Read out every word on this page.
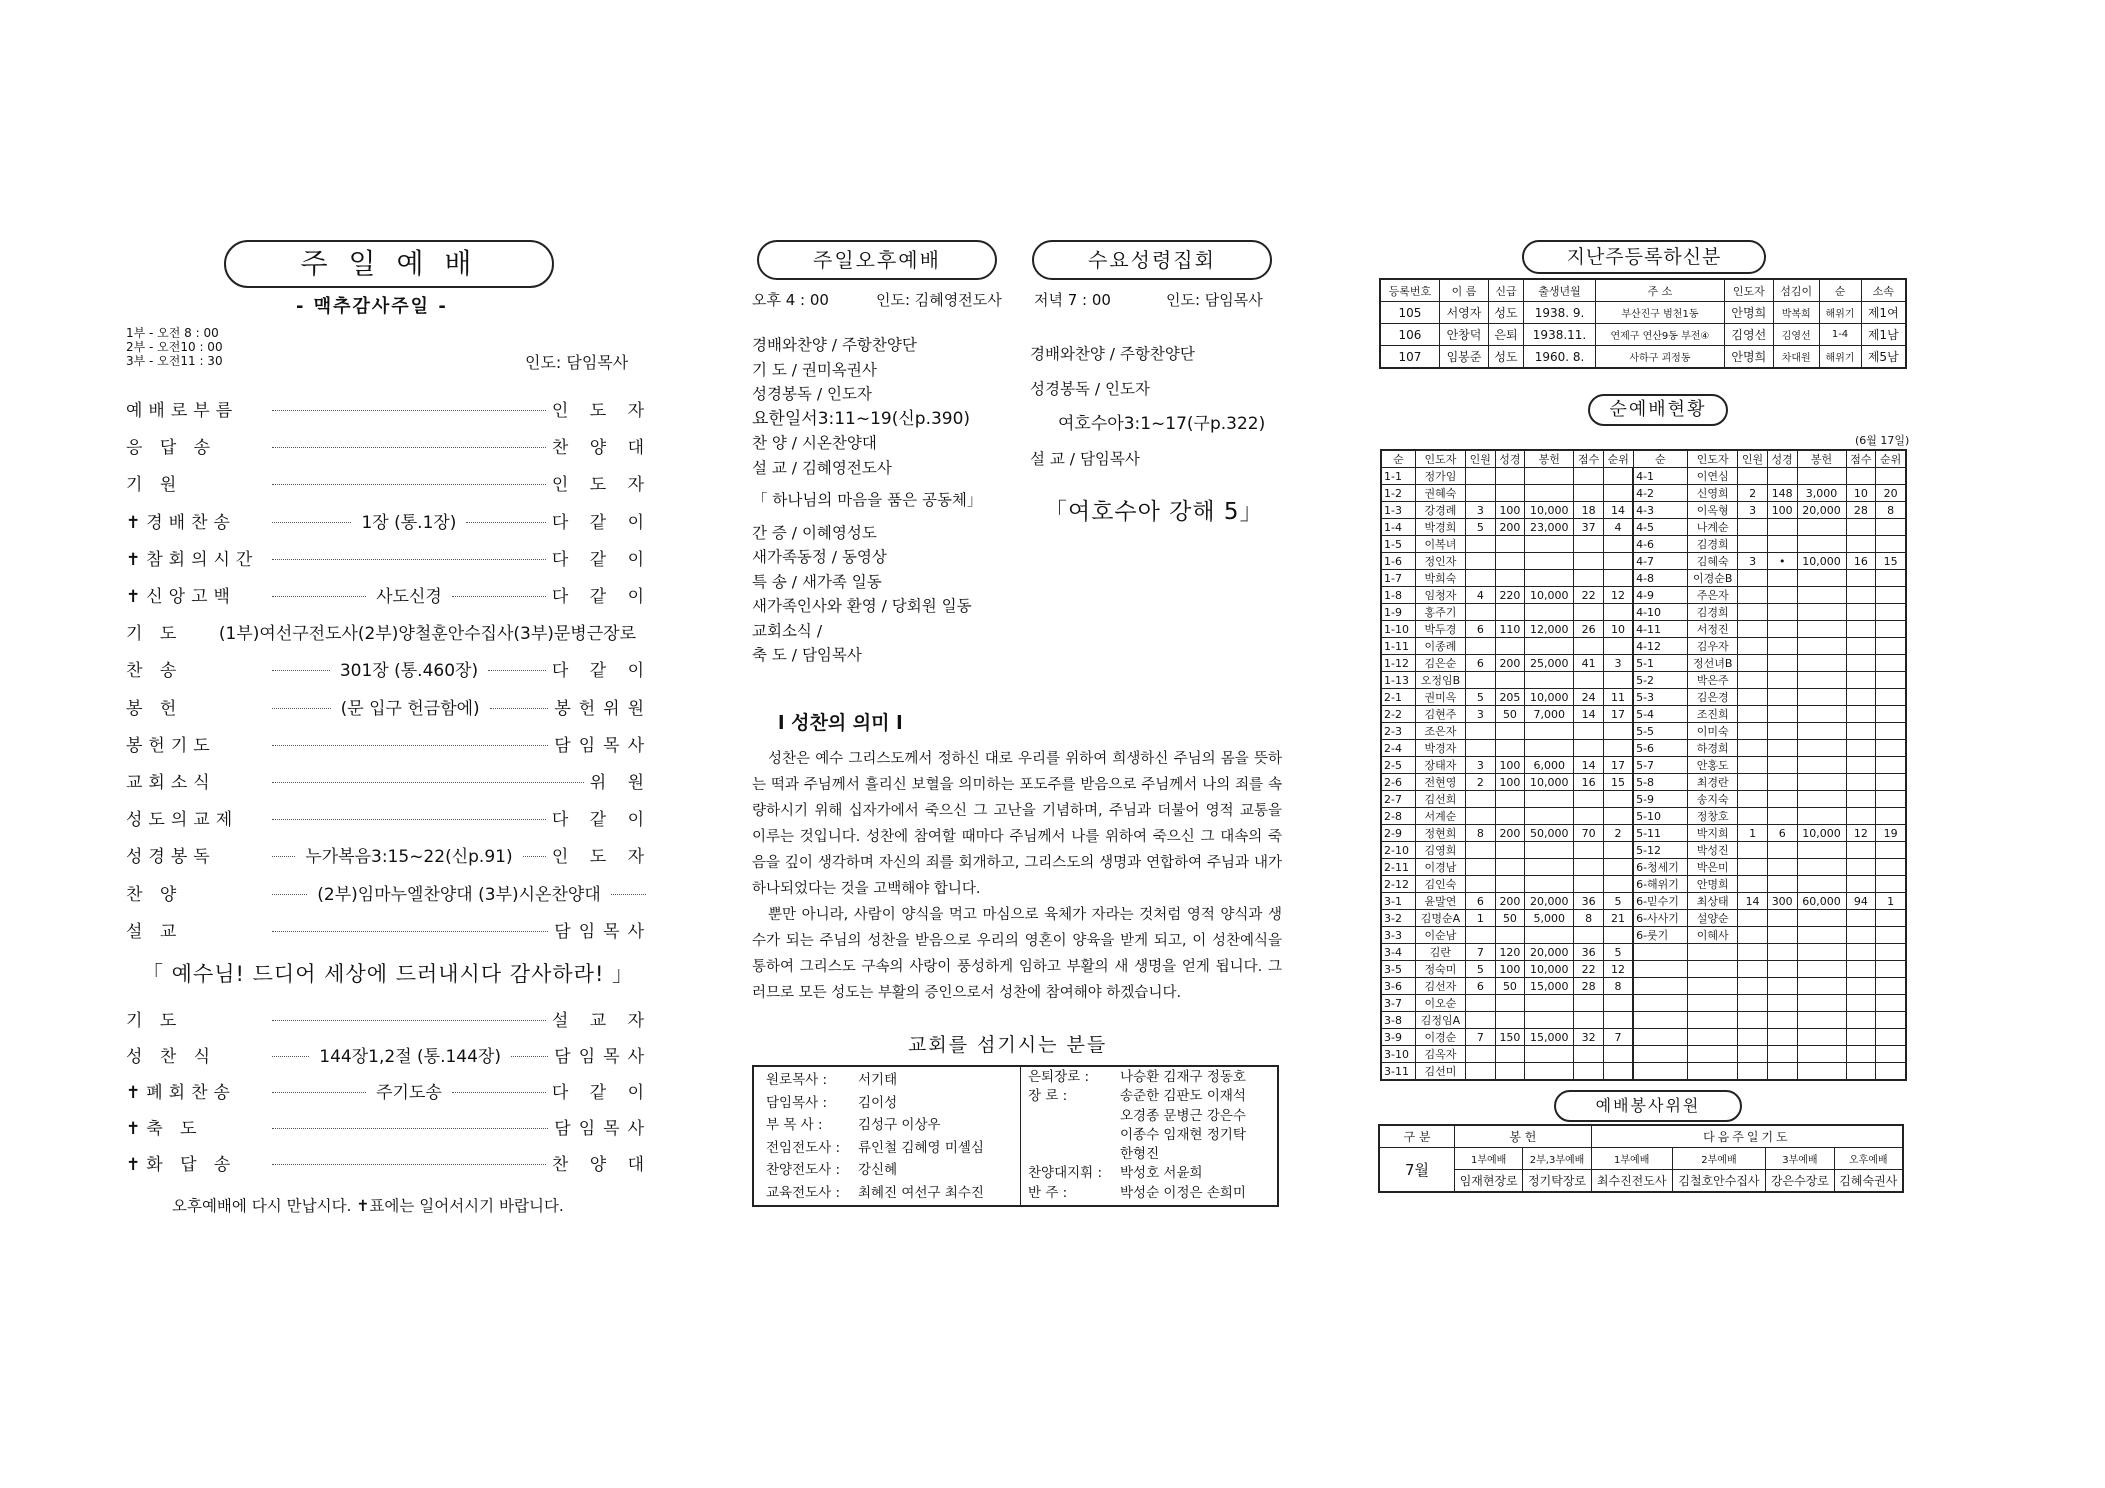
주 일 예 배
- 맥추감사주일 -
1부 - 오전 8 : 00
2부 - 오전10 : 00
3부 - 오전11 : 30	인도: 담임목사
예배로부름	인 도 자
응 답 송	찬 양 대
기 원	인 도 자
✝경배찬송	1장 (통.1장)	다 같 이
✝참회의시간	다 같 이
✝신앙고백	사도신경	다 같 이
기 도	(1부)여선구전도사(2부)양철훈안수집사(3부)문병근장로
찬 송	301장 (통.460장)	다 같 이
봉 헌	(문 입구 헌금함에)	봉헌위원
봉헌기도	담임목사
교회소식	위 원
성도의교제	다 같 이
성경봉독	누가복음3:15~22(신p.91) 인 도 자
찬 양	(2부)임마누엘찬양대 (3부)시온찬양대
설 교	담임목사
「 예수님! 드디어 세상에 드러내시다 감사하라! 」
기 도	설 교 자
성 찬 식	144장1,2절 (통.144장)	담임목사
✝폐회찬송	주기도송	다 같 이
✝축 도	담임목사
✝화 답 송	찬 양 대
오후예배에 다시 만납시다. ✝표에는 일어서시기 바랍니다.
주일오후예배	수요성령집회
오후 4 : 00	인도: 김혜영전도사 저녁 7 : 00	인도: 담임목사
경배와찬양 / 주항찬양단
기 도 / 권미옥권사
성경봉독 / 인도자
요한일서3:11~19(신p.390)
찬 양 / 시온찬양대
설 교 / 김혜영전도사
「 하나님의 마음을 품은 공동체」
간 증 / 이혜영성도
새가족동정 / 동영상
특 송 / 새가족 일동
새가족인사와 환영 / 당회원 일동
교회소식 /
축 도 / 담임목사
경배와찬양 / 주항찬양단
성경봉독 / 인도자
여호수아3:1~17(구p.322)
설 교 / 담임목사
「여호수아 강해 5」
l 성찬의 의미 l
성찬은 예수 그리스도께서 정하신 대로 우리를 위하여 희생하신 주님의 몸을 뜻하는 떡과 주님께서 흘리신 보혈을 의미하는 포도주를 받음으로 주님께서 나의 죄를 속량하시기 위해 십자가에서 죽으신 그 고난을 기념하며, 주님과 더불어 영적 교통을 이루는 것입니다. 성찬에 참여할 때마다 주님께서 나를 위하여 죽으신 그 대속의 죽음을 깊이 생각하며 자신의 죄를 회개하고, 그리스도의 생명과 연합하여 주님과 내가 하나되었다는 것을 고백해야 합니다.
뿐만 아니라, 사람이 양식을 먹고 마심으로 육체가 자라는 것처럼 영적 양식과 생수가 되는 주님의 성찬을 받음으로 우리의 영혼이 양육을 받게 되고, 이 성찬예식을 통하여 그리스도 구속의 사랑이 풍성하게 임하고 부활의 새 생명을 얻게 됩니다. 그러므로 모든 성도는 부활의 증인으로서 성찬에 참여해야 하겠습니다.
교회를 섬기시는 분들
원로목사 : 서기태
담임목사 : 김이성
부 목 사 :	김성구 이상우
전임전도사 : 류인철 김혜영 미셸심
찬양전도사 : 강신혜
교육전도사 : 최혜진 여선구 최수진
은퇴장로 : 나승환 김재구 정동호
장 로 :	송준한 김판도 이재석
오경종 문병근 강은수
이종수 임재현 정기탁
한형진
찬양대지휘 : 박성호 서윤희
반 주 :	박성순 이정은 손희미
지난주등록하신분
등록번호	이 름	신급	출생년월	주 소	인도자	섬김이	순	소속
105	서영자	성도	1938. 9.	부산진구 범천1동	안명희	박복희	해위기	제1여
106	안창덕	은퇴	1938.11.	연제구 연산9동 부전④	김영선	김영선	1-4	제1남
107	임봉준	성도	1960. 8.	사하구 괴정동	안명희	차대원	해위기	제5남
순예배현황
(6월 17일)
순	인도자	인원	성경	봉헌	점수	순위	순	인도자	인원	성경	봉헌	점수	순위
1-1	정가임						4-1	이연심					
1-2	권혜숙						4-2	신영희	2	148	3,000	10	20
1-3	강경례	3	100	10,000	18	14	4-3	이옥형	3	100	20,000	28	8
1-4	박경희	5	200	23,000	37	4	4-5	나계순					
1-5	이복녀						4-6	김경희					
1-6	정인자						4-7	김혜숙	3	•	10,000	16	15
1-7	박희숙						4-8	이경순B					
1-8	임청자	4	220	10,000	22	12	4-9	주은자					
1-9	홍주기						4-10	김경희					
1-10	박두경	6	110	12,000	26	10	4-11	서정진					
1-11	이종례						4-12	김우자					
1-12	김은순	6	200	25,000	41	3	5-1	정선녀B					
1-13	오정임B						5-2	박은주					
2-1	권미옥	5	205	10,000	24	11	5-3	김은경					
2-2	김현주	3	50	7,000	14	17	5-4	조진희					
2-3	조은자						5-5	이미숙					
2-4	박경자						5-6	하경희					
2-5	장태자	3	100	6,000	14	17	5-7	안홍도					
2-6	전현영	2	100	10,000	16	15	5-8	최경란					
2-7	김선희						5-9	송지숙					
2-8	서계순						5-10	정창호					
2-9	정현희	8	200	50,000	70	2	5-11	박지희	1	6	10,000	12	19
2-10	김영희						5-12	박성진					
2-11	이경남						6-청세기	박은미					
2-12	김인숙						6-해위기	안명희					
3-1	윤말연	6	200	20,000	36	5	6-믿수기	최상태	14	300	60,000	94	1
3-2	김명순A	1	50	5,000	8	21	6-사사기	설양순					
3-3	이순남						6-룻기	이혜사					
3-4	김란	7	120	20,000	36	5							
3-5	정숙미	5	100	10,000	22	12							
3-6	김선자	6	50	15,000	28	8							
3-7	이오순												
3-8	김정임A												
3-9	이경순	7	150	15,000	32	7							
3-10	김옥자												
3-11	김선미												
예배봉사위원
구 분	봉 헌		다음주일기도			
7월	1부예배	2부,3부예배	1부예배	2부예배	3부예배	오후예배
	임재현장로	정기탁장로	최수진전도사	김철호안수집사	강은수장로	김혜숙권사
